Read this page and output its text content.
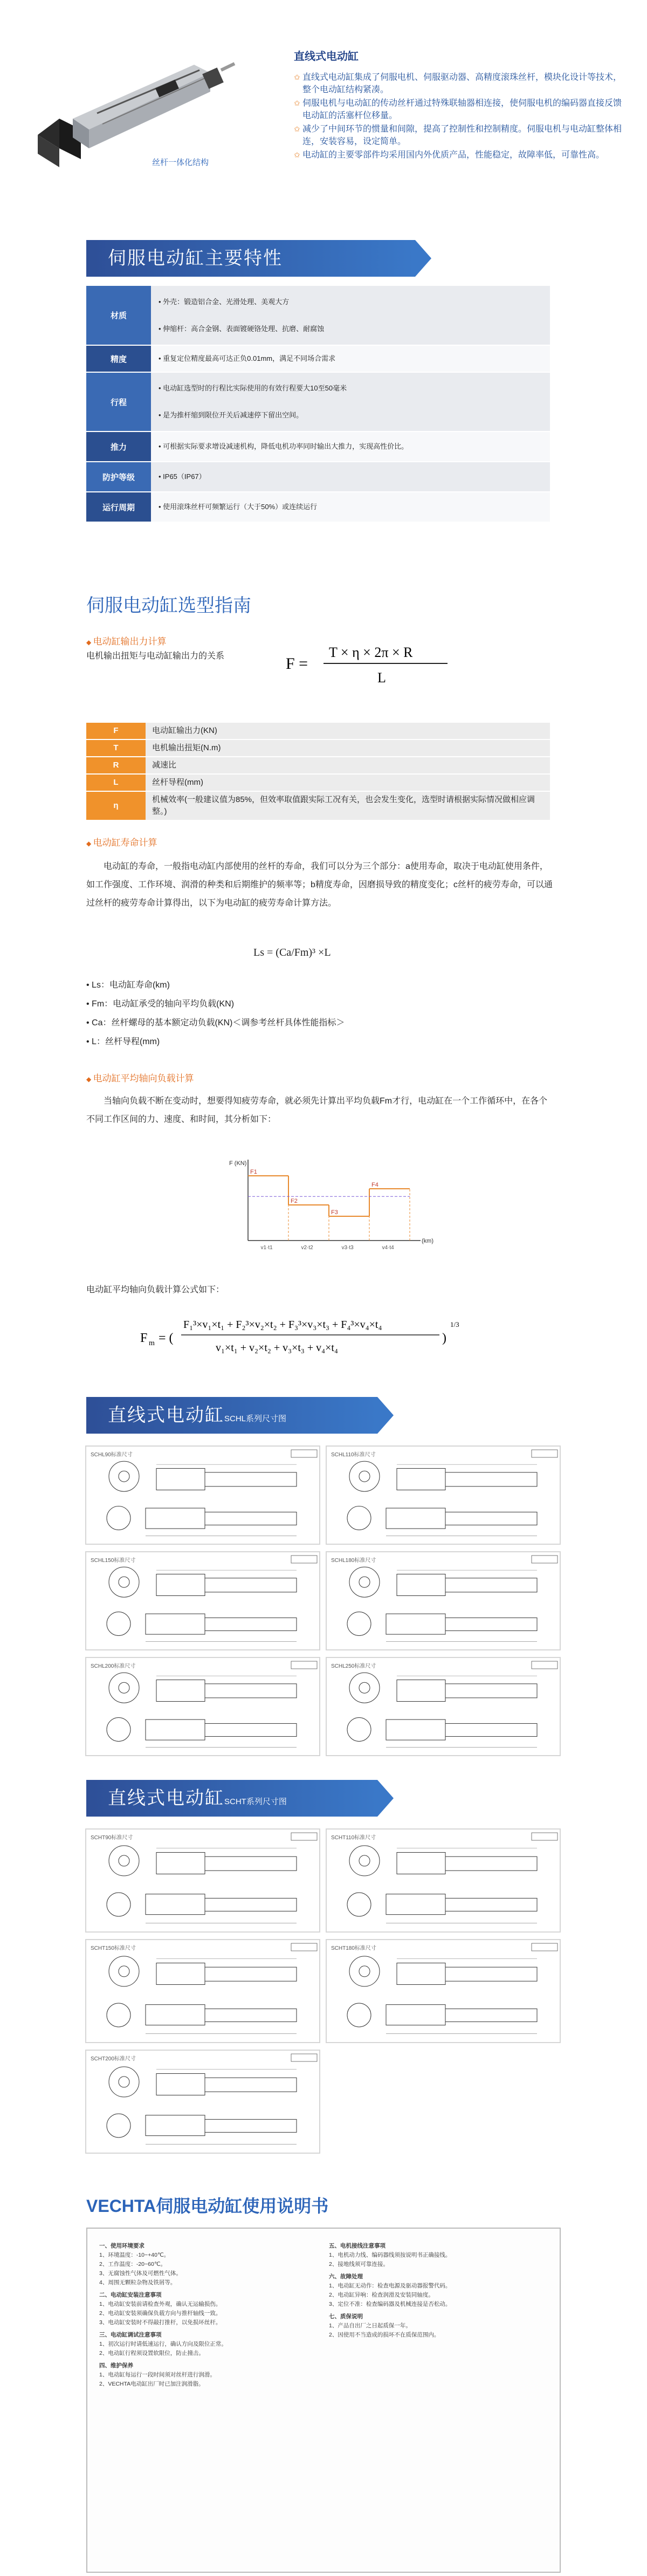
丝杆一体化结构
直线式电动缸
✩ 直线式电动缸集成了伺服电机、伺服驱动器、高精度滚珠丝杆，模块化设计等技术，整个电动缸结构紧凑。
✩ 伺服电机与电动缸的传动丝杆通过特殊联轴器相连接，使伺服电机的编码器直接反馈电动缸的活塞杆位移量。
✩ 减少了中间环节的惯量和间隙，提高了控制性和控制精度。伺服电机与电动缸整体相连，安装容易，设定简单。
✩ 电动缸的主要零部件均采用国内外优质产品，性能稳定，故障率低，可靠性高。
伺服电动缸主要特性
材质	• 外壳：锻造铝合金、光滑处理、美观大方

• 伸缩杆：高合金钢、表面镀硬铬处理、抗磨、耐腐蚀

精度	• 重复定位精度最高可达正负0.01mm，满足不同场合需求

行程	• 电动缸选型时的行程比实际使用的有效行程要大10至50毫米

• 是为推杆缩到限位开关后减速停下留出空间。

推力	• 可根据实际要求增设减速机构，降低电机功率同时输出大推力，实现高性价比。

防护等级	• IP65（IP67）

运行周期	• 使用滚珠丝杆可频繁运行（大于50%）或连续运行

伺服电动缸选型指南
◆ 电动缸输出力计算
电机输出扭矩与电动缸输出力的关系	F =
T × η × 2π × R
L
F	电动缸输出力(KN)
T	电机输出扭矩(N.m)
R	减速比
L	丝杆导程(mm)
η	机械效率(一般建议值为85%，但效率取值跟实际工况有关，也会发生变化，选型时请根据实际情况做相应调整。)
◆ 电动缸寿命计算
电动缸的寿命，一般指电动缸内部使用的丝杆的寿命，我们可以分为三个部分：a使用寿命，取决于电动缸使用条件，如工作强度、工作环境、润滑的种类和后期维护的频率等；b精度寿命，因磨损导致的精度变化；c丝杆的疲劳寿命，可以通过丝杆的疲劳寿命计算得出，以下为电动缸的疲劳寿命计算方法。
Ls = (Ca/Fm)³ ×L
• Ls：电动缸寿命(km)
• Fm：电动缸承受的轴向平均负载(KN)
• Ca：丝杆螺母的基本额定动负载(KN)＜调参考丝杆具体性能指标＞
• L：丝杆导程(mm)
◆ 电动缸平均轴向负载计算
当轴向负载不断在变动时，想要得知疲劳寿命，就必须先计算出平均负载Fm才行，电动缸在一个工作循环中，在各个不同工作区间的力、速度、和时间，其分析如下：
F (KN)
(km)
F1
v1·t1
F2
v2·t2
F3
v3·t3
F4
v4·t4
电动缸平均轴向负载计算公式如下：
F m = (
F₁³×v₁×t₁ + F₂³×v₂×t₂ + F₃³×v₃×t₃ + F₄³×v₄×t₄
v₁×t₁ + v₂×t₂ + v₃×t₃ + v₄×t₄
)
1/3
直线式电动缸SCHL系列尺寸图
SCHL90标准尺寸	SCHL110标准尺寸
SCHL150标准尺寸	SCHL180标准尺寸
SCHL200标准尺寸	SCHL250标准尺寸
直线式电动缸SCHT系列尺寸图
SCHT90标准尺寸	SCHT110标准尺寸
SCHT150标准尺寸	SCHT180标准尺寸
SCHT200标准尺寸
VECHTA伺服电动缸使用说明书
一、使用环境要求
1、环境温度：-10~+40℃。
2、工作温度：-20~60℃。
3、无腐蚀性气体及可燃性气体。
4、周围无颗粒杂物及铁屑等。
二、电动缸安装注意事项
1、电动缸安装前请检查外观，确认无运输损伤。
2、电动缸安装须确保负载方向与推杆轴线一致。
3、电动缸安装时不得敲打推杆，以免损坏丝杆。
三、电动缸调试注意事项
1、初次运行时请低速运行，确认方向及限位正常。
2、电动缸行程须设置软限位，防止撞击。
四、维护保养
1、电动缸每运行一段时间须对丝杆进行润滑。
2、VECHTA电动缸出厂时已加注润滑脂。
五、电机接线注意事项
1、电机动力线、编码器线须按说明书正确接线。
2、接地线须可靠连接。
六、故障处理
1、电动缸无动作：检查电源及驱动器报警代码。
2、电动缸异响：检查润滑及安装同轴度。
3、定位不准：检查编码器及机械连接是否松动。
七、质保说明
1、产品自出厂之日起质保一年。
2、因使用不当造成的损坏不在质保范围内。
